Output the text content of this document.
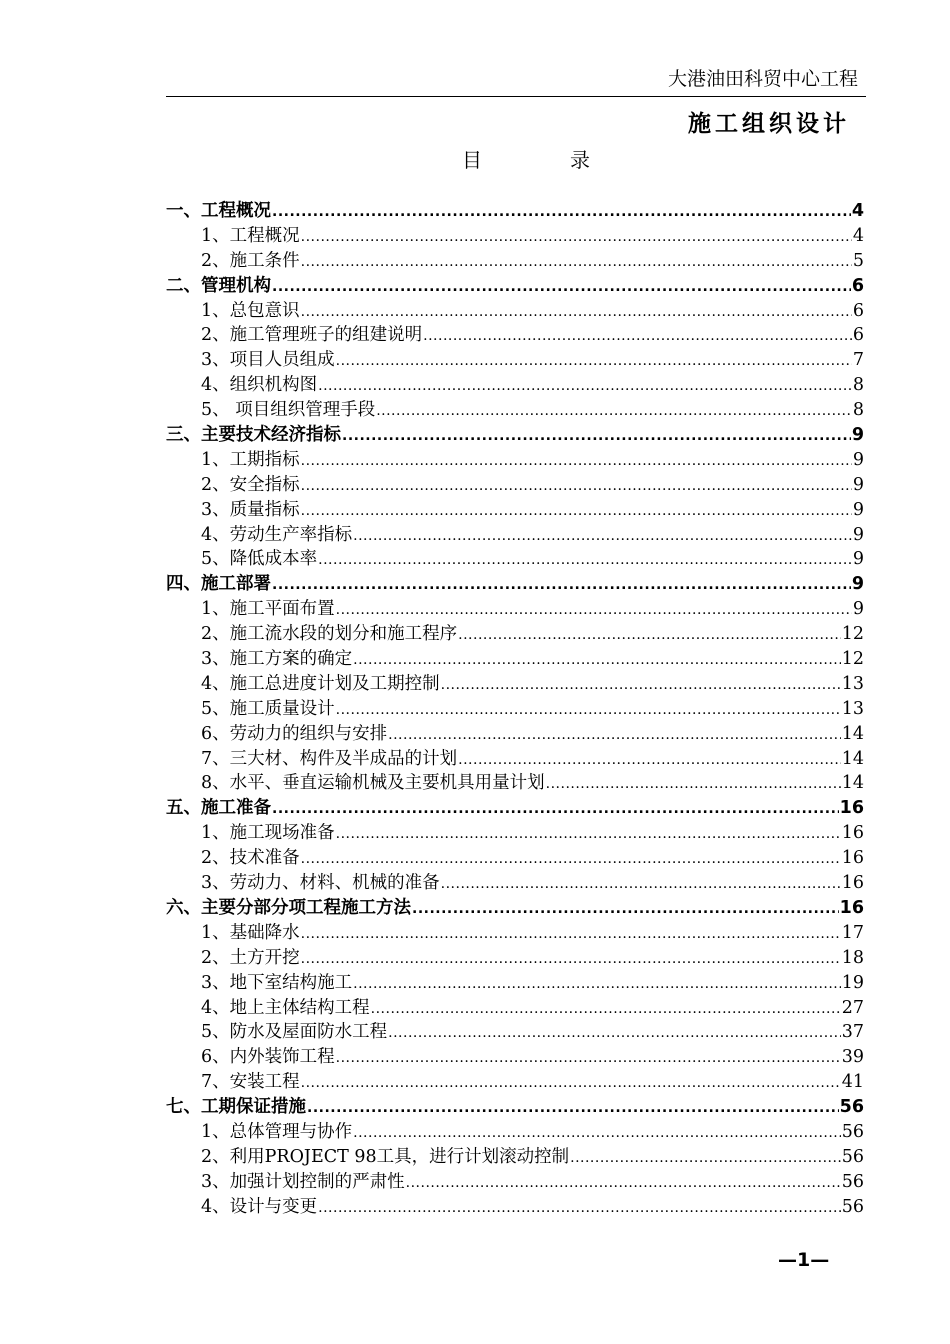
大港油田科贸中心工程
施工组织设计
目	录
一、工程概况 .....	4
1、工程概况 .....	4
2、施工条件 .....	5
二、管理机构 .....	6
1、总包意识 .....	6
2、施工管理班子的组建说明 .....	6
3、项目人员组成 .....	7
4、组织机构图 .....	8
5、 项目组织管理手段 .....	8
三、主要技术经济指标 .....	9
1、工期指标 .....	9
2、安全指标 .....	9
3、质量指标 .....	9
4、劳动生产率指标 .....	9
5、降低成本率 .....	9
四、施工部署 .....	9
1、施工平面布置 .....	9
2、施工流水段的划分和施工程序 .....	12
3、施工方案的确定 .....	12
4、施工总进度计划及工期控制 .....	13
5、施工质量设计 .....	13
6、劳动力的组织与安排 .....	14
7、三大材、构件及半成品的计划 .....	14
8、水平、垂直运输机械及主要机具用量计划 .....	14
五、施工准备 .....	16
1、施工现场准备 .....	16
2、技术准备 .....	16
3、劳动力、材料、机械的准备 .....	16
六、主要分部分项工程施工方法 .....	16
1、基础降水 .....	17
2、土方开挖 .....	18
3、地下室结构施工 .....	19
4、地上主体结构工程 .....	27
5、防水及屋面防水工程 .....	37
6、内外装饰工程 .....	39
7、安装工程 .....	41
七、工期保证措施 .....	56
1、总体管理与协作 .....	56
2、利用PROJECT 98工具，进行计划滚动控制 .....	56
3、加强计划控制的严肃性 .....	56
4、设计与变更 .....	56
—1—
